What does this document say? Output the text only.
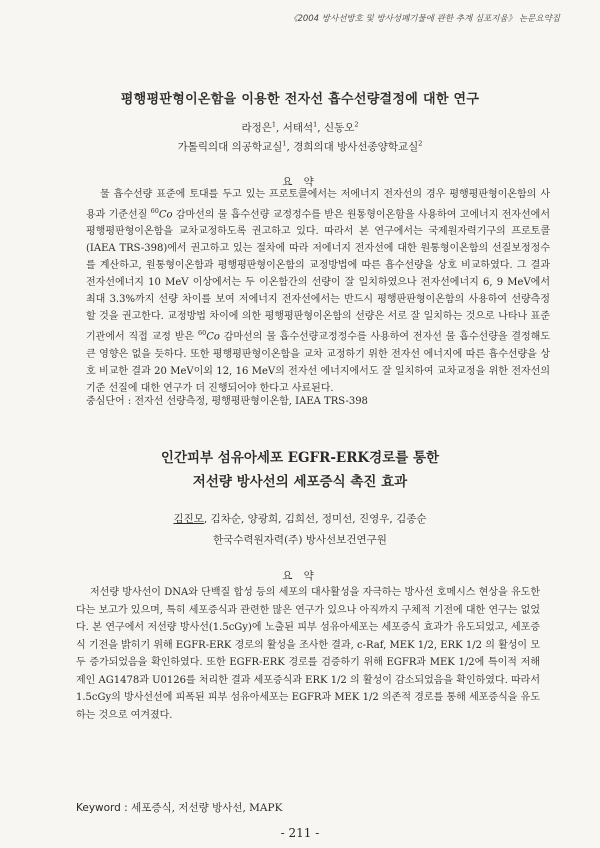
《2004 방사선방호 및 방사성폐기물에 관한 추계 심포지움》 논문요약집
평행평판형이온함을 이용한 전자선 흡수선량결정에 대한 연구
라정은$^1$, 서태석$^1$, 신동오$^2$
가톨릭의대 의공학교실$^1$, 경희의대 방사선종양학교실$^2$
요 약
물 흡수선량 표준에 토대를 두고 있는 프로토콜에서는 저에너지 전자선의 경우 평행평판형이온함의 사용과 기준선질 $^{60}$Co 감마선의 물 흡수선량 교정정수를 받은 원통형이온함을 사용하여 고에너지 전자선에서 평행평판형이온함을 교차교정하도록 권고하고 있다. 따라서 본 연구에서는 국제원자력기구의 프로토콜(IAEA TRS-398)에서 권고하고 있는 절차에 따라 저에너지 전자선에 대한 원통형이온함의 선질보정정수를 계산하고, 원통형이온함과 평행평판형이온함의 교정방법에 따른 흡수선량을 상호 비교하였다. 그 결과 전자선에너지 10 MeV 이상에서는 두 이온함간의 선량이 잘 일치하였으나 전자선에너지 6, 9 MeV에서 최대 3.3%까지 선량 차이를 보여 저에너지 전자선에서는 반드시 평행판판형이온함의 사용하여 선량측정 할 것을 권고한다. 교정방법 차이에 의한 평행평판형이온함의 선량은 서로 잘 일치하는 것으로 나타나 표준기관에서 직접 교정 받은 $^{60}$Co 감마선의 물 흡수선량교정정수를 사용하여 전자선 물 흡수선량을 결정해도 큰 영향은 없을 듯하다. 또한 평행평판형이온함을 교차 교정하기 위한 전자선 에너지에 따른 흡수선량을 상호 비교한 결과 20 MeV이외 12, 16 MeV의 전자선 에너지에서도 잘 일치하여 교차교정을 위한 전자선의 기준 선질에 대한 연구가 더 진행되어야 한다고 사료된다.
중심단어 : 전자선 선량측정, 평행평판형이온함, IAEA TRS-398
인간피부 섬유아세포 EGFR-ERK경로를 통한
저선량 방사선의 세포증식 촉진 효과
김진모, 김차순, 양광희, 김희선, 정미선, 진영우, 김종순
한국수력원자력(주) 방사선보건연구원
요 약
저선량 방사선이 DNA와 단백질 합성 등의 세포의 대사활성을 자극하는 방사선 호메시스 현상을 유도한다는 보고가 있으며, 특히 세포증식과 관련한 많은 연구가 있으나 아직까지 구체적 기전에 대한 연구는 없었다. 본 연구에서 저선량 방사선(1.5cGy)에 노출된 피부 섬유아세포는 세포증식 효과가 유도되었고, 세포증식 기전을 밝히기 위해 EGFR-ERK 경로의 활성을 조사한 결과, c-Raf, MEK 1/2, ERK 1/2 의 활성이 모두 증가되었음을 확인하였다. 또한 EGFR-ERK 경로를 검증하기 위해 EGFR과 MEK 1/2에 특이적 저해제인 AG1478과 U0126를 처리한 결과 세포증식과 ERK 1/2 의 활성이 감소되었음을 확인하였다. 따라서 1.5cGy의 방사선선에 피폭된 피부 섬유아세포는 EGFR과 MEK 1/2 의존적 경로를 통해 세포증식을 유도하는 것으로 여겨졌다.
Keyword : 세포증식, 저선량 방사선, MAPK
- 211 -
